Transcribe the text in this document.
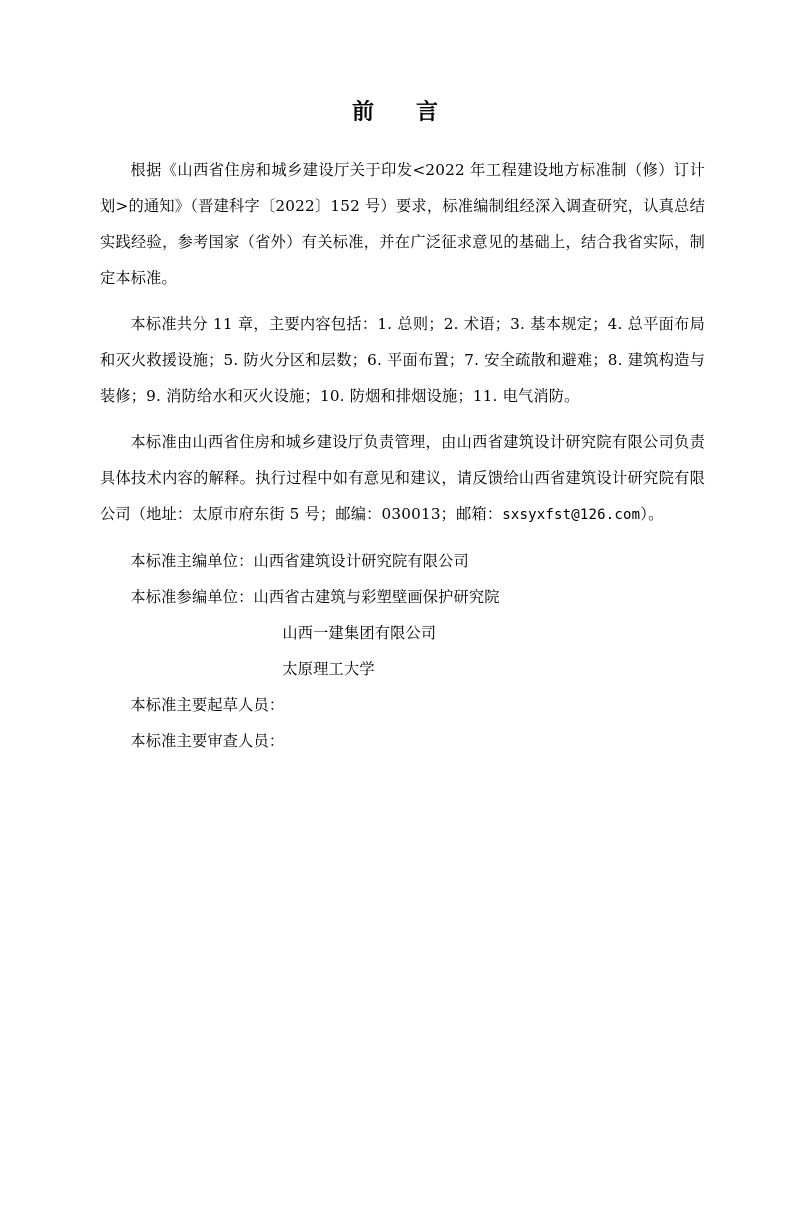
前　言

根据《山西省住房和城乡建设厅关于印发<2022 年工程建设地方标准制（修）订计划>的通知》（晋建科字〔2022〕152 号）要求，标准编制组经深入调查研究，认真总结实践经验，参考国家（省外）有关标准，并在广泛征求意见的基础上，结合我省实际，制定本标准。

本标准共分 11 章，主要内容包括：1. 总则；2. 术语；3. 基本规定；4. 总平面布局和灭火救援设施；5. 防火分区和层数；6. 平面布置；7. 安全疏散和避难；8. 建筑构造与装修；9. 消防给水和灭火设施；10. 防烟和排烟设施；11. 电气消防。

本标准由山西省住房和城乡建设厅负责管理，由山西省建筑设计研究院有限公司负责具体技术内容的解释。执行过程中如有意见和建议，请反馈给山西省建筑设计研究院有限公司（地址：太原市府东街 5 号；邮编：030013；邮箱：sxsyxfst@126.com）。

本标准主编单位：山西省建筑设计研究院有限公司

本标准参编单位：山西省古建筑与彩塑壁画保护研究院

山西一建集团有限公司

太原理工大学

本标准主要起草人员：

本标准主要审查人员：
